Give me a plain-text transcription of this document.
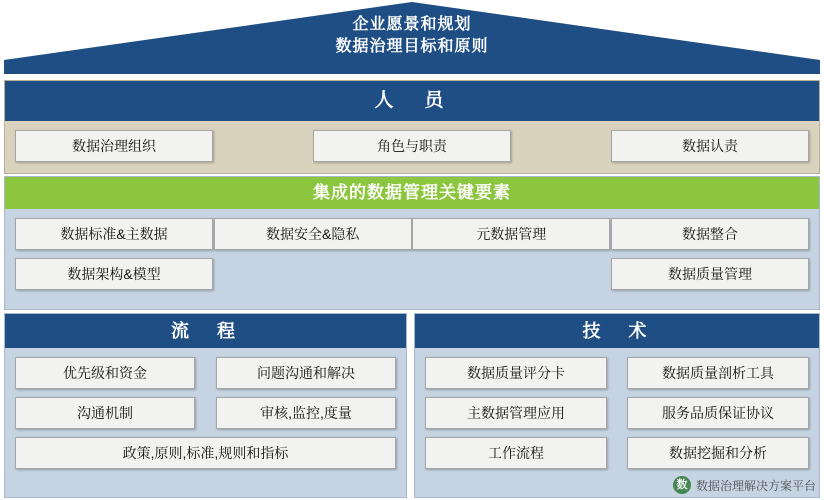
企业愿景和规划
数据治理目标和原则
人　员
数据治理组织	角色与职责	数据认责
集成的数据管理关键要素
数据标准&主数据	数据安全&隐私	元数据管理	数据整合
数据架构&模型	数据质量管理
流　程
优先级和资金	问题沟通和解决
沟通机制	审核,监控,度量
政策,原则,标准,规则和指标
技　术
数据质量评分卡	数据质量剖析工具
主数据管理应用	服务品质保证协议
工作流程	数据挖掘和分析
数 数据治理解决方案平台
